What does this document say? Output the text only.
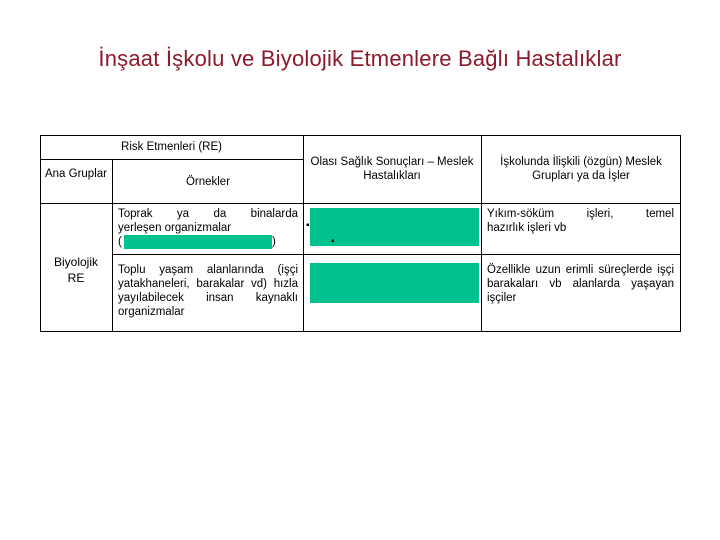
İnşaat İşkolu ve Biyolojik Etmenlere Bağlı Hastalıklar
Risk Etmenleri (RE)
Ana Gruplar
Örnekler
Olası Sağlık Sonuçları – Meslek Hastalıkları
İşkolunda İlişkili (özgün) Meslek Grupları ya da İşler
Biyolojik
RE
Toprak ya da binalarda
yerleşen organizmalar
(	)
▪
▪
Yıkım-söküm işleri, temel
hazırlık işleri vb
Toplu yaşam alanlarında (işçi yatakhaneleri, barakalar vd) hızla yayılabilecek insan kaynaklı organizmalar
Özellikle uzun erimli süreçlerde işçi barakaları vb alanlarda yaşayan işçiler
